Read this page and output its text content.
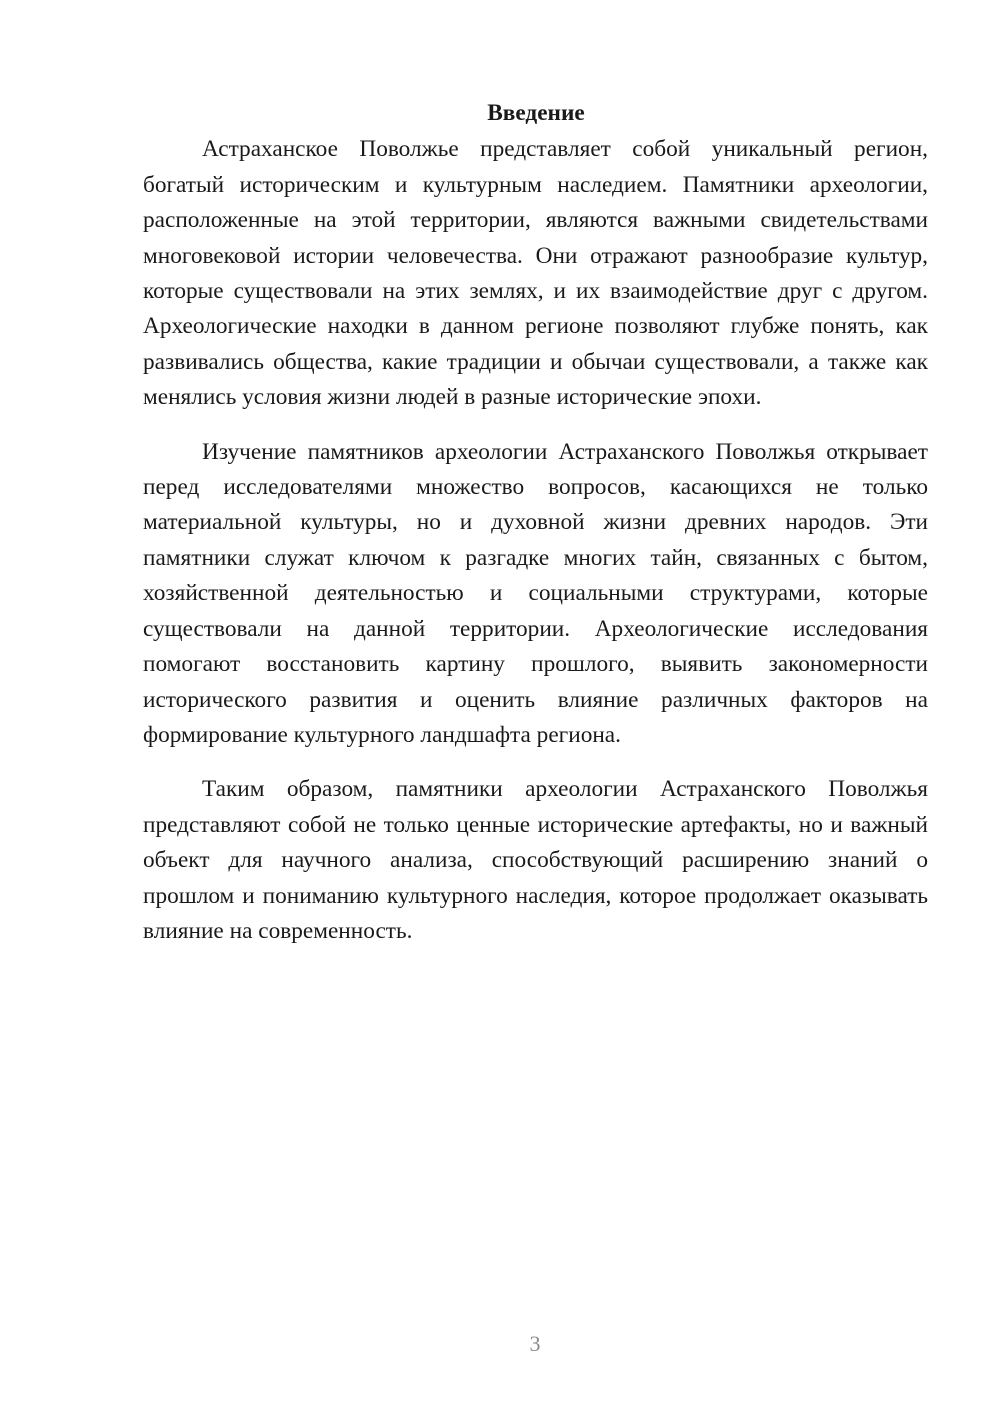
Введение

Астраханское Поволжье представляет собой уникальный регион, богатый историческим и культурным наследием. Памятники археологии, расположенные на этой территории, являются важными свидетельствами многовековой истории человечества. Они отражают разнообразие культур, которые существовали на этих землях, и их взаимодействие друг с другом. Археологические находки в данном регионе позволяют глубже понять, как развивались общества, какие традиции и обычаи существовали, а также как менялись условия жизни людей в разные исторические эпохи.

Изучение памятников археологии Астраханского Поволжья открывает перед исследователями множество вопросов, касающихся не только материальной культуры, но и духовной жизни древних народов. Эти памятники служат ключом к разгадке многих тайн, связанных с бытом, хозяйственной деятельностью и социальными структурами, которые существовали на данной территории. Археологические исследования помогают восстановить картину прошлого, выявить закономерности исторического развития и оценить влияние различных факторов на формирование культурного ландшафта региона.

Таким образом, памятники археологии Астраханского Поволжья представляют собой не только ценные исторические артефакты, но и важный объект для научного анализа, способствующий расширению знаний о прошлом и пониманию культурного наследия, которое продолжает оказывать влияние на современность.

3
